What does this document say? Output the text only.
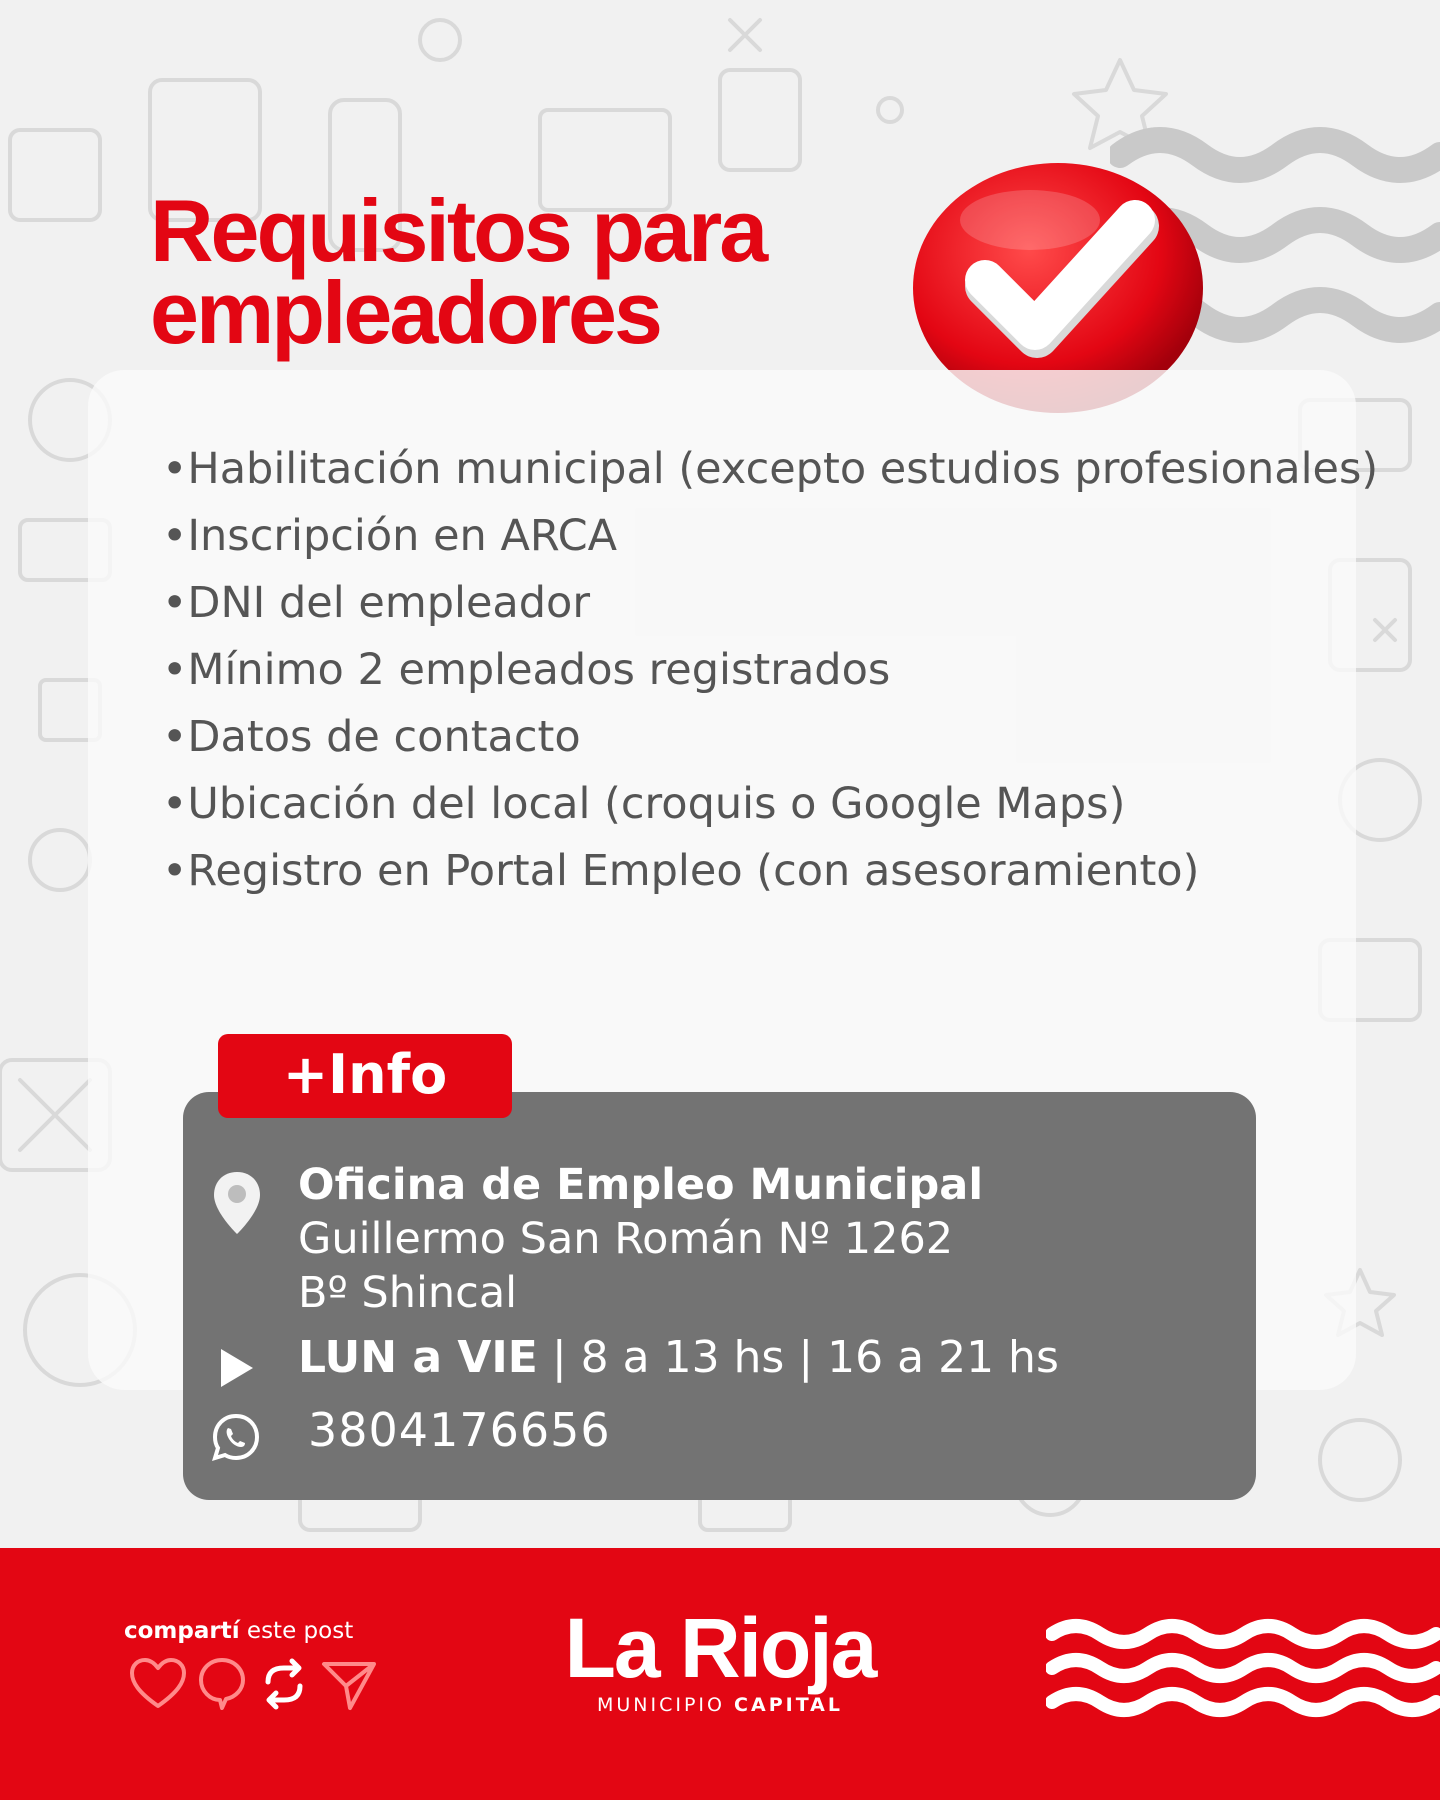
Requisitos para
empleadores
• Habilitación municipal (excepto estudios profesionales)
• Inscripción en ARCA
• DNI del empleador
• Mínimo 2 empleados registrados
• Datos de contacto
• Ubicación del local (croquis o Google Maps)
• Registro en Portal Empleo (con asesoramiento)
Oficina de Empleo Municipal
Guillermo San Román Nº 1262
Bº Shincal
LUN a VIE | 8 a 13 hs | 16 a 21 hs
3804176656
+Info
compartí este post	La Rioja
MUNICIPIO CAPITAL
